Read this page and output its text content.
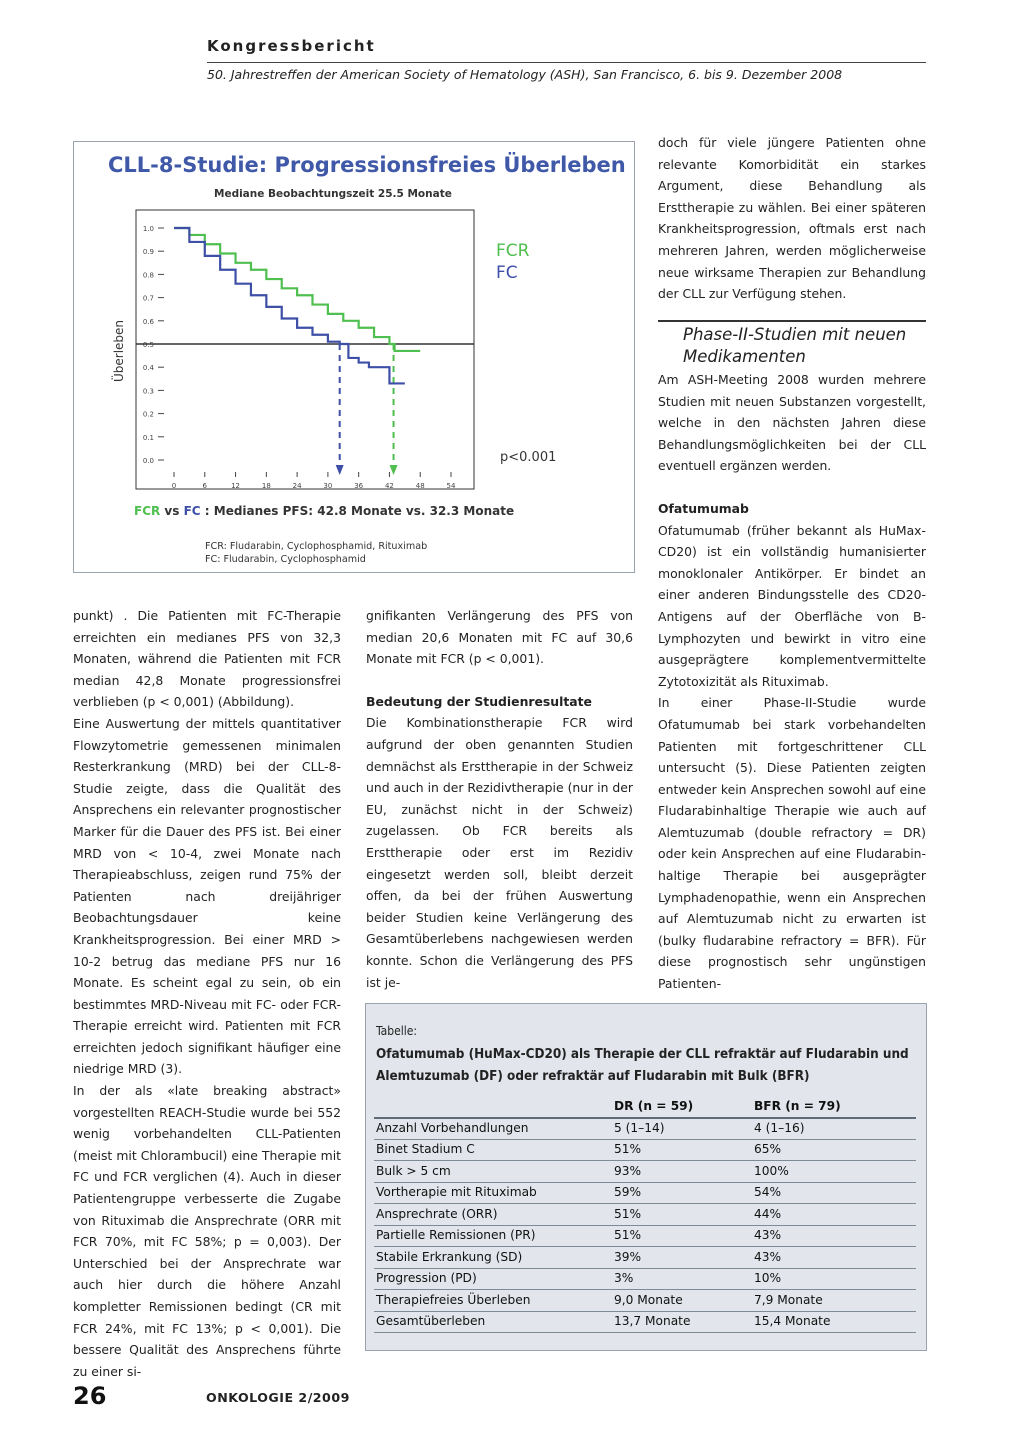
Kongressbericht
50. Jahrestreffen der American Society of Hematology (ASH), San Francisco, 6. bis 9. Dezember 2008
CLL-8-Studie: Progressionsfreies Überleben
Mediane Beobachtungszeit 25.5 Monate
Überleben
0.0
0.1
0.2
0.3
0.4
0.5
0.6
0.7
0.8
0.9
1.0
0	6	12	18	24	30	36	42	48	54
FCR
FC
p<0.001
FCR vs FC : Medianes PFS: 42.8 Monate vs. 32.3 Monate
FCR: Fludarabin, Cyclophosphamid, Rituximab
FC: Fludarabin, Cyclophosphamid

punkt) . Die Patienten mit FC-Therapie erreichten ein medianes PFS von 32,3 Monaten, während die Patienten mit FCR median 42,8 Monate progressionsfrei verblieben (p < 0,001) (Abbildung).

Eine Auswertung der mittels quantitativer Flowzytometrie gemessenen minimalen Resterkrankung (MRD) bei der CLL-8-Studie zeigte, dass die Qualität des Ansprechens ein relevanter prognostischer Marker für die Dauer des PFS ist. Bei einer MRD von < 10-4, zwei Monate nach Therapieabschluss, zeigen rund 75% der Patienten nach dreijähriger Beobachtungsdauer keine Krankheitsprogression. Bei einer MRD > 10-2 betrug das mediane PFS nur 16 Monate. Es scheint egal zu sein, ob ein bestimmtes MRD-Niveau mit FC- oder FCR-Therapie erreicht wird. Patienten mit FCR erreichten jedoch signifikant häufiger eine niedrige MRD (3).

In der als «late breaking abstract» vorgestellten REACH-Studie wurde bei 552 wenig vorbehandelten CLL-Patienten (meist mit Chlorambucil) eine Therapie mit FC und FCR verglichen (4). Auch in dieser Patientengruppe verbesserte die Zugabe von Rituximab die Ansprechrate (ORR mit FCR 70%, mit FC 58%; p = 0,003). Der Unterschied bei der Ansprechrate war auch hier durch die höhere Anzahl kompletter Remissionen bedingt (CR mit FCR 24%, mit FC 13%; p < 0,001). Die bessere Qualität des Ansprechens führte zu einer si-

gnifikanten Verlängerung des PFS von median 20,6 Monaten mit FC auf 30,6 Monate mit FCR (p < 0,001).

Bedeutung der Studienresultate

Die Kombinationstherapie FCR wird aufgrund der oben genannten Studien demnächst als Ersttherapie in der Schweiz und auch in der Rezidivtherapie (nur in der EU, zunächst nicht in der Schweiz) zugelassen. Ob FCR bereits als Ersttherapie oder erst im Rezidiv eingesetzt werden soll, bleibt derzeit offen, da bei der frühen Auswertung beider Studien keine Verlängerung des Gesamtüberlebens nachgewiesen werden konnte. Schon die Verlängerung des PFS ist je-

doch für viele jüngere Patienten ohne relevante Komorbidität ein starkes Argument, diese Behandlung als Ersttherapie zu wählen. Bei einer späteren Krankheitsprogression, oftmals erst nach mehreren Jahren, werden möglicherweise neue wirksame Therapien zur Behandlung der CLL zur Verfügung stehen.

Phase-II-Studien mit neuen
Medikamenten

Am ASH-Meeting 2008 wurden mehrere Studien mit neuen Substanzen vorgestellt, welche in den nächsten Jahren diese Behandlungsmöglichkeiten bei der CLL eventuell ergänzen werden.

Ofatumumab

Ofatumumab (früher bekannt als HuMax-CD20) ist ein vollständig humanisierter monoklonaler Antikörper. Er bindet an einer anderen Bindungsstelle des CD20-Antigens auf der Oberfläche von B-Lymphozyten und bewirkt in vitro eine ausgeprägtere komplementvermittelte Zytotoxizität als Rituximab.

In einer Phase-II-Studie wurde Ofatumumab bei stark vorbehandelten Patienten mit fortgeschrittener CLL untersucht (5). Diese Patienten zeigten entweder kein Ansprechen sowohl auf eine Fludarabinhaltige Therapie wie auch auf Alemtuzumab (double refractory = DR) oder kein Ansprechen auf eine Fludarabin-haltige Therapie bei ausgeprägter Lymphadenopathie, wenn ein Ansprechen auf Alemtuzumab nicht zu erwarten ist (bulky fludarabine refractory = BFR). Für diese prognostisch sehr ungünstigen Patienten-

Tabelle:
Ofatumumab (HuMax-CD20) als Therapie der CLL refraktär auf Fludarabin und Alemtuzumab (DF) oder refraktär auf Fludarabin mit Bulk (BFR)
DR (n = 59)	BFR (n = 79)
Anzahl Vorbehandlungen	5 (1–14)	4 (1–16)
Binet Stadium C	51%	65%
Bulk > 5 cm	93%	100%
Vortherapie mit Rituximab	59%	54%
Ansprechrate (ORR)	51%	44%
Partielle Remissionen (PR)	51%	43%
Stabile Erkrankung (SD)	39%	43%
Progression (PD)	3%	10%
Therapiefreies Überleben	9,0 Monate	7,9 Monate
Gesamtüberleben	13,7 Monate	15,4 Monate
26	ONKOLOGIE 2/2009
